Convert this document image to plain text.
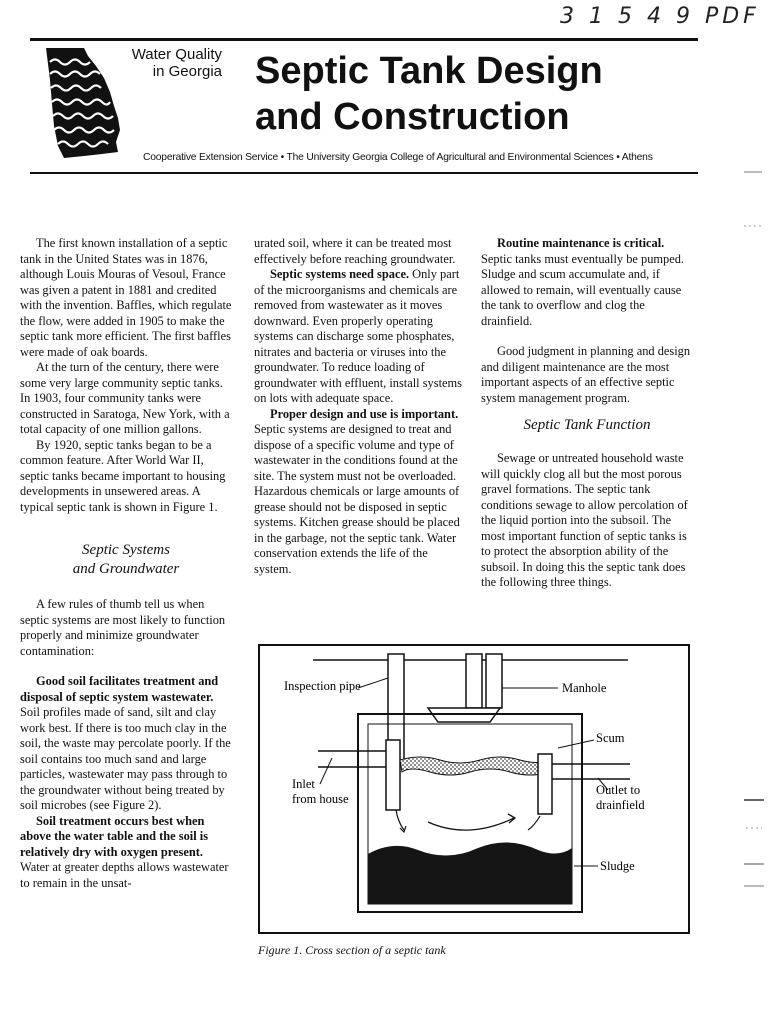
3 1 5 4 9 PDF
Water Quality
in Georgia Septic Tank Design
and Construction
Cooperative Extension Service • The University Georgia College of Agricultural and Environmental Sciences • Athens

The first known installation of a septic tank in the United States was in 1876, although Louis Mouras of Vesoul, France was given a patent in 1881 and credited with the invention. Baffles, which regulate the flow, were added in 1905 to make the septic tank more efficient. The first baffles were made of oak boards.

At the turn of the century, there were some very large community septic tanks. In 1903, four community tanks were constructed in Saratoga, New York, with a total capacity of one million gallons.

By 1920, septic tanks began to be a common feature. After World War II, septic tanks became important to housing developments in unsewered areas. A typical septic tank is shown in Figure 1.

Septic Systems
and Groundwater

A few rules of thumb tell us when septic systems are most likely to function properly and minimize groundwater contamination:

Good soil facilitates treatment and disposal of septic system wastewater. Soil profiles made of sand, silt and clay work best. If there is too much clay in the soil, the waste may percolate poorly. If the soil contains too much sand and large particles, wastewater may pass through to the groundwater without being treated by soil microbes (see Figure 2).

Soil treatment occurs best when above the water table and the soil is relatively dry with oxygen present. Water at greater depths allows wastewater to remain in the unsat-

urated soil, where it can be treated most effectively before reaching groundwater.

Septic systems need space. Only part of the microorganisms and chemicals are removed from wastewater as it moves downward. Even properly operating systems can discharge some phosphates, nitrates and bacteria or viruses into the groundwater. To reduce loading of groundwater with effluent, install systems on lots with adequate space.

Proper design and use is important. Septic systems are designed to treat and dispose of a specific volume and type of wastewater in the conditions found at the site. The system must not be overloaded. Hazardous chemicals or large amounts of grease should not be disposed in septic systems. Kitchen grease should be placed in the garbage, not the septic tank. Water conservation extends the life of the system.

Routine maintenance is critical. Septic tanks must eventually be pumped. Sludge and scum accumulate and, if allowed to remain, will eventually cause the tank to overflow and clog the drainfield.

Good judgment in planning and design and diligent maintenance are the most important aspects of an effective septic system management program.

Septic Tank Function

Sewage or untreated household waste will quickly clog all but the most porous gravel formations. The septic tank conditions sewage to allow percolation of the liquid portion into the subsoil. The most important function of septic tanks is to protect the absorption ability of the subsoil. In doing this the septic tank does the following three things.

Inspection pipe	Manhole
Scum
Inlet
from house
Outlet to
drainfield
Sludge
Figure 1. Cross section of a septic tank
